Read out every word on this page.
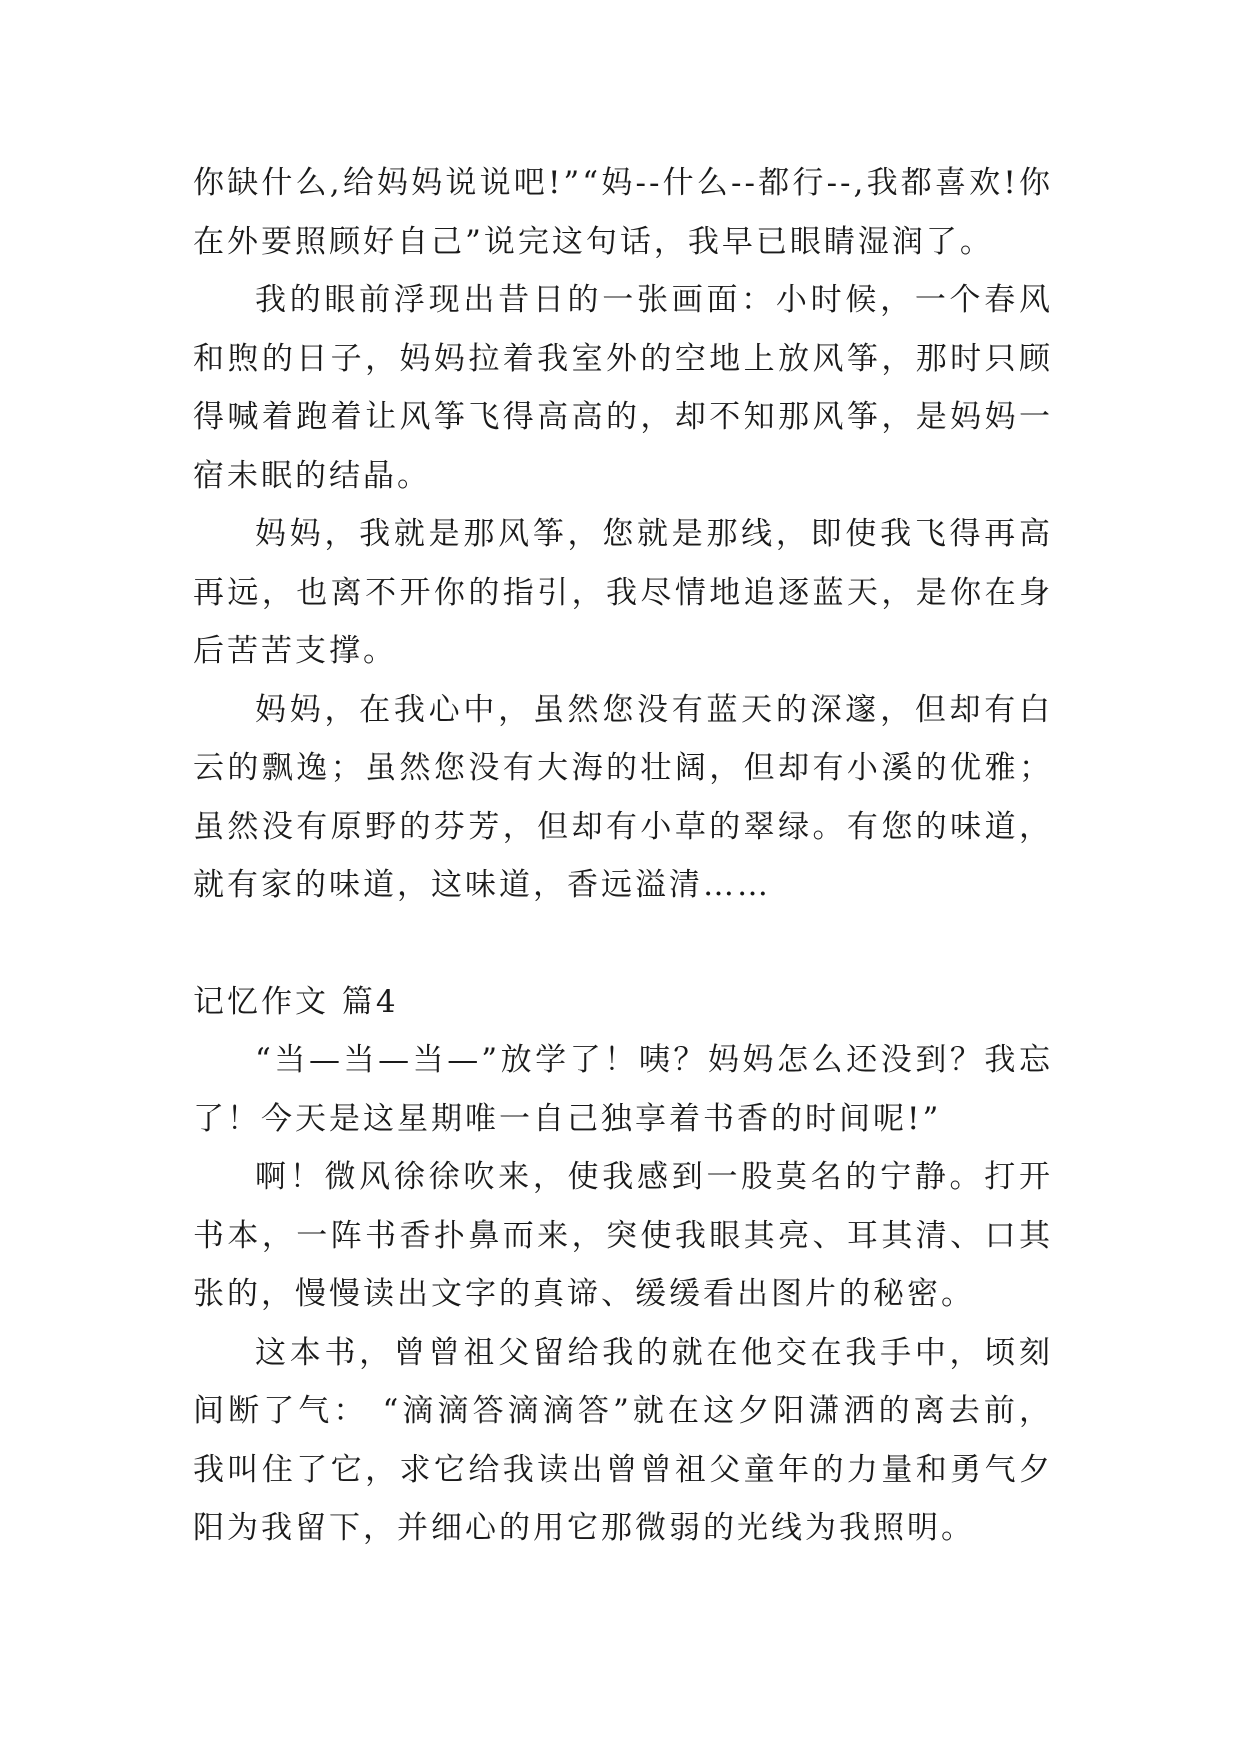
你缺什么,给妈妈说说吧!”“妈--什么--都行--,我都喜欢!你在外要照顾好自己”说完这句话，我早已眼睛湿润了。

我的眼前浮现出昔日的一张画面：小时候，一个春风和煦的日子，妈妈拉着我室外的空地上放风筝，那时只顾得喊着跑着让风筝飞得高高的，却不知那风筝，是妈妈一宿未眠的结晶。

妈妈，我就是那风筝，您就是那线，即使我飞得再高再远，也离不开你的指引，我尽情地追逐蓝天，是你在身后苦苦支撑。

妈妈，在我心中，虽然您没有蓝天的深邃，但却有白云的飘逸；虽然您没有大海的壮阔，但却有小溪的优雅；虽然没有原野的芬芳，但却有小草的翠绿。有您的味道，就有家的味道，这味道，香远溢清……

记忆作文 篇4

“当—当—当—”放学了！咦？妈妈怎么还没到？我忘了！今天是这星期唯一自己独享着书香的时间呢!”

啊！微风徐徐吹来，使我感到一股莫名的宁静。打开书本，一阵书香扑鼻而来，突使我眼其亮、耳其清、口其张的，慢慢读出文字的真谛、缓缓看出图片的秘密。

这本书，曾曾祖父留给我的就在他交在我手中，顷刻间断了气： “滴滴答滴滴答”就在这夕阳潇洒的离去前，我叫住了它，求它给我读出曾曾祖父童年的力量和勇气夕阳为我留下，并细心的用它那微弱的光线为我照明。
